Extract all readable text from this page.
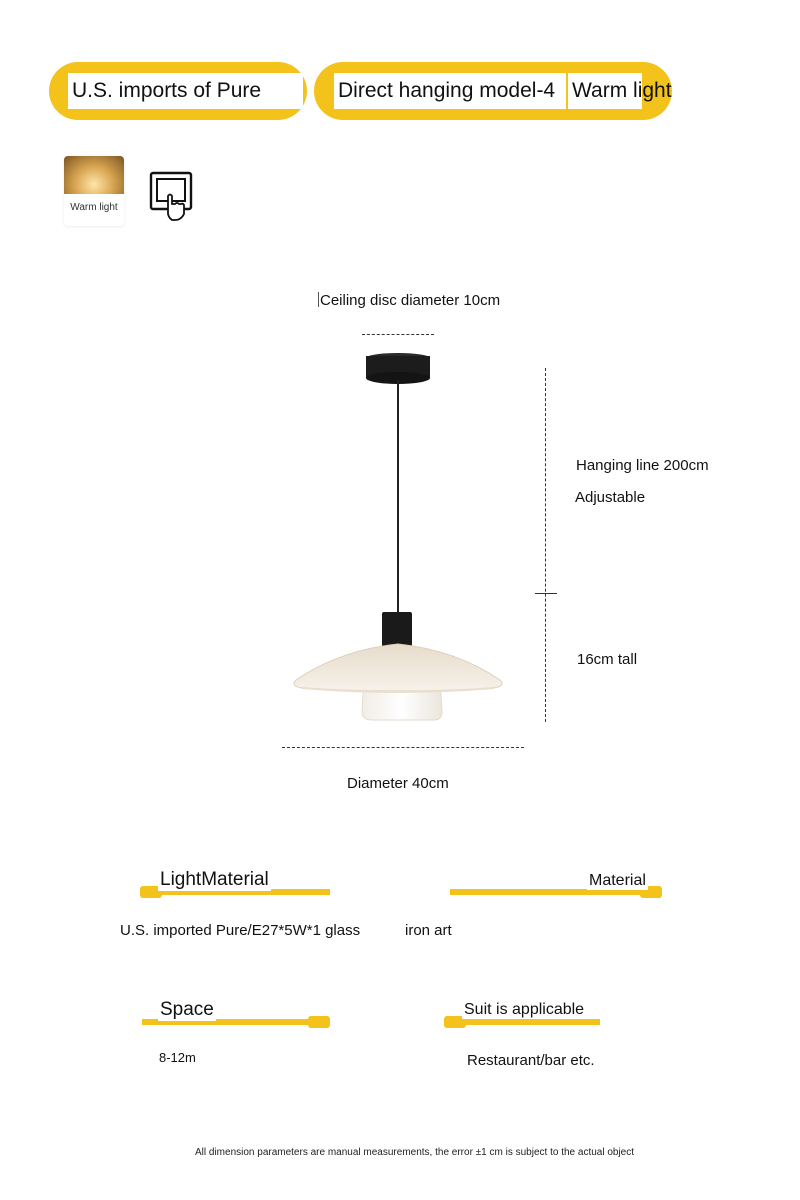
U.S. imports of Pure	Direct hanging model-4 Warm light
Warm light
Ceiling disc diameter 10cm
Hanging line 200cm
Adjustable
16cm tall
Diameter 40cm
LightMaterial
U.S. imported Pure/E27*5W*1 glass
Material
iron art
Space
8-12m
Suit is applicable
Restaurant/bar etc.
All dimension parameters are manual measurements, the error ±1 cm is subject to the actual object
